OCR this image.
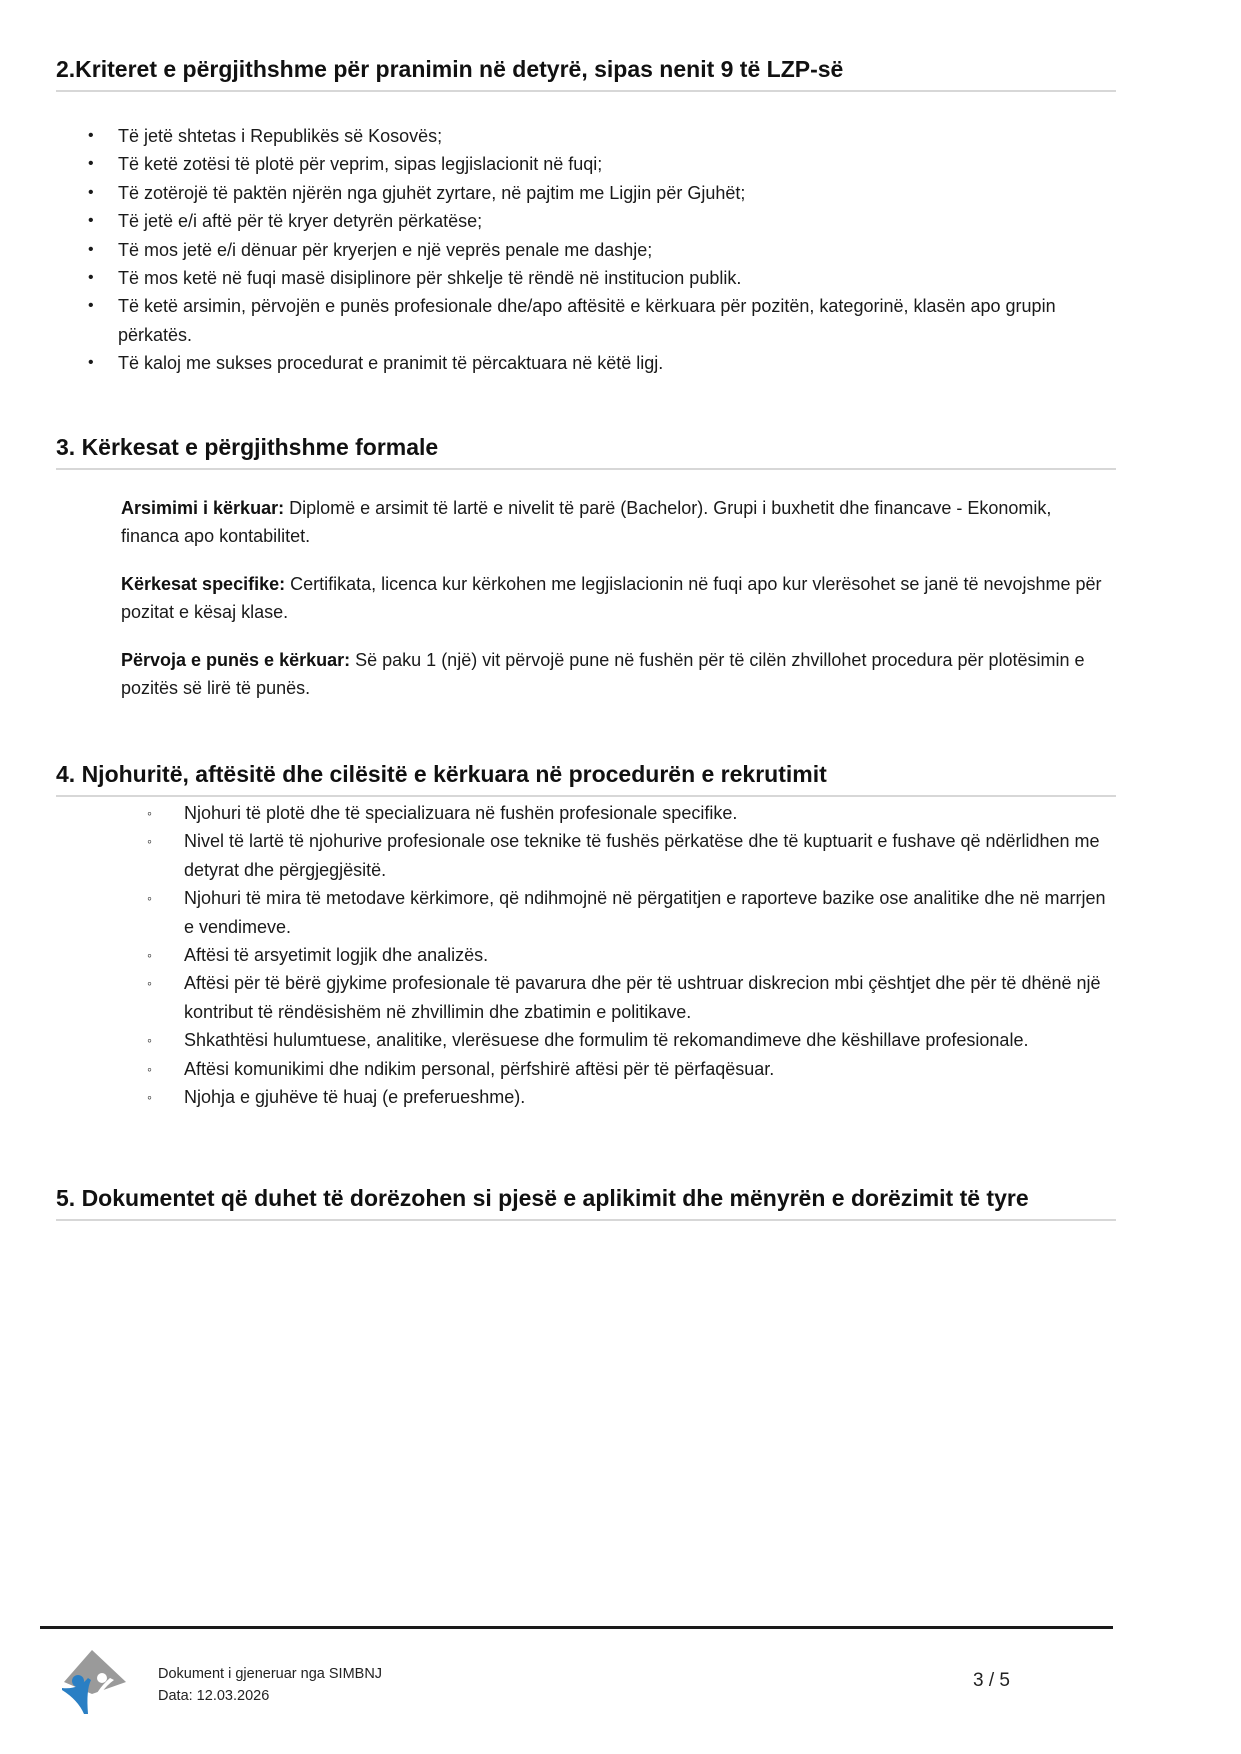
2.Kriteret e përgjithshme për pranimin në detyrë, sipas nenit 9 të LZP-së
• Të jetë shtetas i Republikës së Kosovës;
• Të ketë zotësi të plotë për veprim, sipas legjislacionit në fuqi;
• Të zotërojë të paktën njërën nga gjuhët zyrtare, në pajtim me Ligjin për Gjuhët;
• Të jetë e/i aftë për të kryer detyrën përkatëse;
• Të mos jetë e/i dënuar për kryerjen e një veprës penale me dashje;
• Të mos ketë në fuqi masë disiplinore për shkelje të rëndë në institucion publik.
• Të ketë arsimin, përvojën e punës profesionale dhe/apo aftësitë e kërkuara për pozitën, kategorinë, klasën apo grupin përkatës.
• Të kaloj me sukses procedurat e pranimit të përcaktuara në këtë ligj.
3. Kërkesat e përgjithshme formale

Arsimimi i kërkuar: Diplomë e arsimit të lartë e nivelit të parë (Bachelor). Grupi i buxhetit dhe financave - Ekonomik, financa apo kontabilitet.

Kërkesat specifike: Certifikata, licenca kur kërkohen me legjislacionin në fuqi apo kur vlerësohet se janë të nevojshme për pozitat e kësaj klase.

Përvoja e punës e kërkuar: Së paku 1 (një) vit përvojë pune në fushën për të cilën zhvillohet procedura për plotësimin e pozitës së lirë të punës.

4. Njohuritë, aftësitë dhe cilësitë e kërkuara në procedurën e rekrutimit
◦ Njohuri të plotë dhe të specializuara në fushën profesionale specifike.
◦ Nivel të lartë të njohurive profesionale ose teknike të fushës përkatëse dhe të kuptuarit e fushave që ndërlidhen me detyrat dhe përgjegjësitë.
◦ Njohuri të mira të metodave kërkimore, që ndihmojnë në përgatitjen e raporteve bazike ose analitike dhe në marrjen e vendimeve.
◦ Aftësi të arsyetimit logjik dhe analizës.
◦ Aftësi për të bërë gjykime profesionale të pavarura dhe për të ushtruar diskrecion mbi çështjet dhe për të dhënë një kontribut të rëndësishëm në zhvillimin dhe zbatimin e politikave.
◦ Shkathtësi hulumtuese, analitike, vlerësuese dhe formulim të rekomandimeve dhe këshillave profesionale.
◦ Aftësi komunikimi dhe ndikim personal, përfshirë aftësi për të përfaqësuar.
◦ Njohja e gjuhëve të huaj (e preferueshme).
5. Dokumentet që duhet të dorëzohen si pjesë e aplikimit dhe mënyrën e dorëzimit të tyre
Dokument i gjeneruar nga SIMBNJ
Data: 12.03.2026
3 / 5
